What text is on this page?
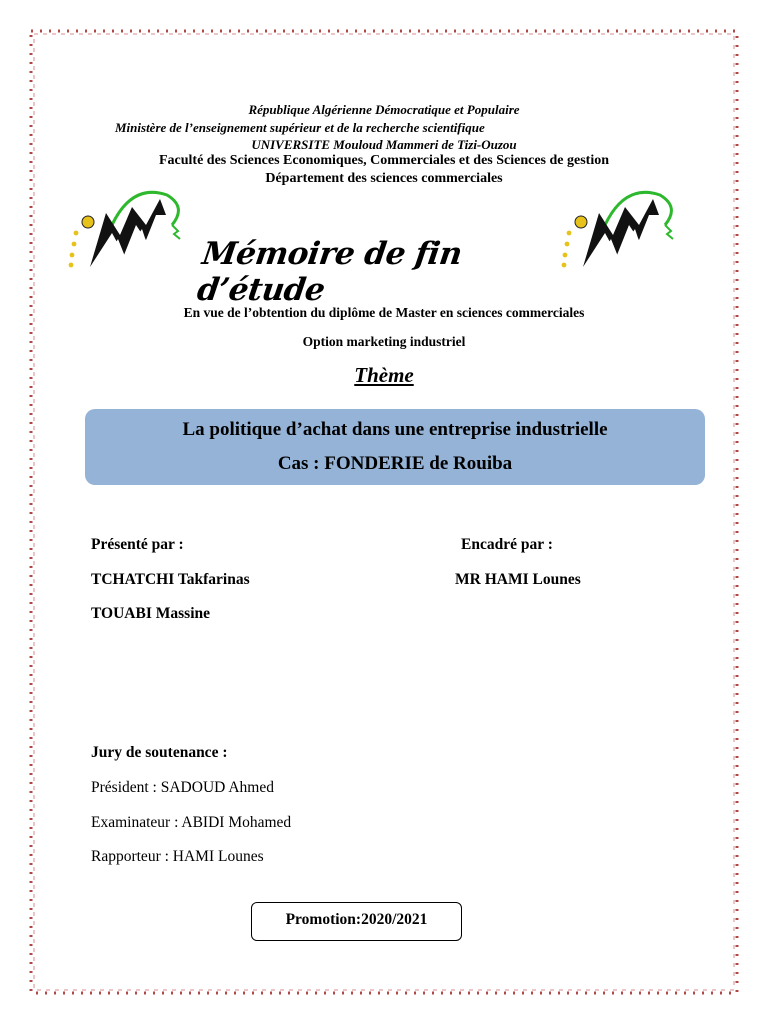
République Algérienne Démocratique et Populaire
Ministère de l’enseignement supérieur et de la recherche scientifique
UNIVERSITE Mouloud Mammeri de Tizi-Ouzou
Faculté des Sciences Economiques, Commerciales et des Sciences de gestion
Département des sciences commerciales
Mémoire de fin d’étude
En vue de l’obtention du diplôme de Master en sciences commerciales
Option marketing industriel
Thème
La politique d’achat dans une entreprise industrielle
Cas : FONDERIE de Rouiba
Présenté par :
TCHATCHI Takfarinas
TOUABI Massine
Encadré par :
MR HAMI Lounes
Jury de soutenance :
Président : SADOUD Ahmed
Examinateur : ABIDI Mohamed
Rapporteur : HAMI Lounes
Promotion:2020/2021
